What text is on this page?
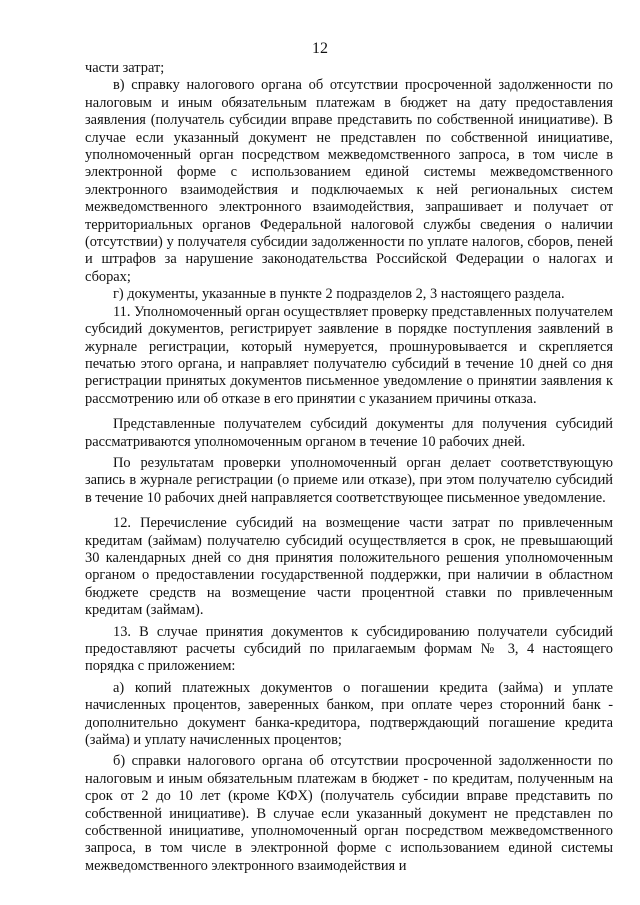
12

части затрат;

в) справку налогового органа об отсутствии просроченной задолженности по налоговым и иным обязательным платежам в бюджет на дату предоставления заявления (получатель субсидии вправе представить по собственной инициативе). В случае если указанный документ не представлен по собственной инициативе, уполномоченный орган посредством межведомственного запроса, в том числе в электронной форме с использованием единой системы межведомственного электронного взаимодействия и подключаемых к ней региональных систем межведомственного электронного взаимодействия, запрашивает и получает от территориальных органов Федеральной налоговой службы сведения о наличии (отсутствии) у получателя субсидии задолженности по уплате налогов, сборов, пеней и штрафов за нарушение законодательства Российской Федерации о налогах и сборах;

г) документы, указанные в пункте 2 подразделов 2, 3 настоящего раздела.

11. Уполномоченный орган осуществляет проверку представленных получателем субсидий документов, регистрирует заявление в порядке поступления заявлений в журнале регистрации, который нумеруется, прошнуровывается и скрепляется печатью этого органа, и направляет получателю субсидий в течение 10 дней со дня регистрации принятых документов письменное уведомление о принятии заявления к рассмотрению или об отказе в его принятии с указанием причины отказа.

Представленные получателем субсидий документы для получения субсидий рассматриваются уполномоченным органом в течение 10 рабочих дней.

По результатам проверки уполномоченный орган делает соответствующую запись в журнале регистрации (о приеме или отказе), при этом получателю субсидий в течение 10 рабочих дней направляется соответствующее письменное уведомление.

12. Перечисление субсидий на возмещение части затрат по привлеченным кредитам (займам) получателю субсидий осуществляется в срок, не превышающий 30 календарных дней со дня принятия положительного решения уполномоченным органом о предоставлении государственной поддержки, при наличии в областном бюджете средств на возмещение части процентной ставки по привлеченным кредитам (займам).

13. В случае принятия документов к субсидированию получатели субсидий предоставляют расчеты субсидий по прилагаемым формам № 3, 4 настоящего порядка с приложением:

а) копий платежных документов о погашении кредита (займа) и уплате начисленных процентов, заверенных банком, при оплате через сторонний банк - дополнительно документ банка-кредитора, подтверждающий погашение кредита (займа) и уплату начисленных процентов;

б) справки налогового органа об отсутствии просроченной задолженности по налоговым и иным обязательным платежам в бюджет - по кредитам, полученным на срок от 2 до 10 лет (кроме КФХ) (получатель субсидии вправе представить по собственной инициативе). В случае если указанный документ не представлен по собственной инициативе, уполномоченный орган посредством межведомственного запроса, в том числе в электронной форме с использованием единой системы межведомственного электронного взаимодействия и
